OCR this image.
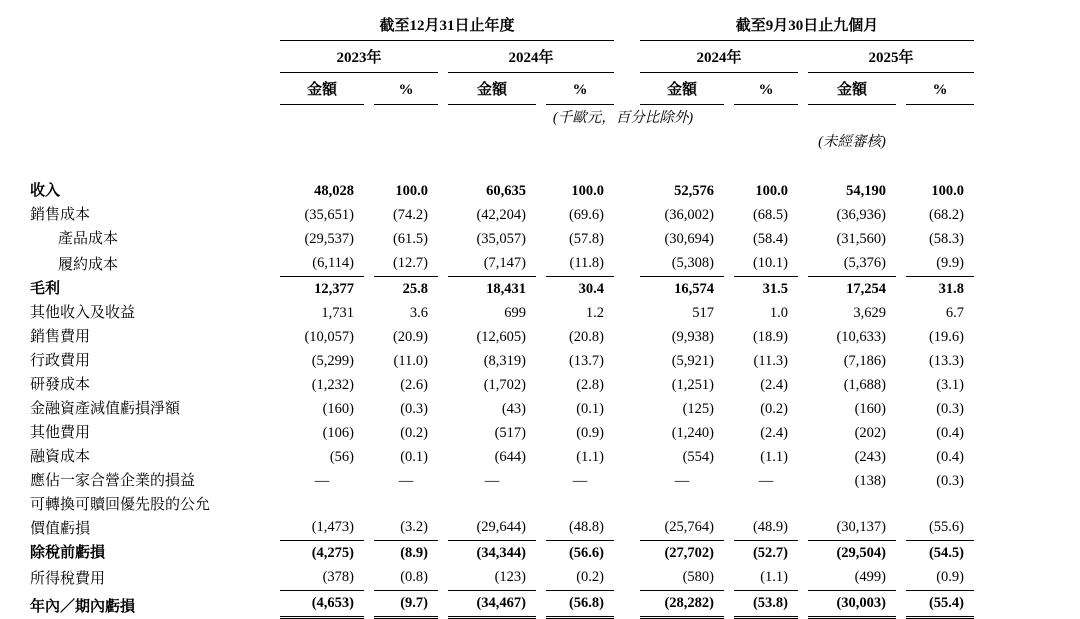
截至12月31日止年度	截至9月30日止九個月
2023年	2024年	2024年	2025年
金額	%	金額	%	金額	%	金額	%
(千歐元，百分比除外)
(未經審核)
收入	48,028	100.0	60,635	100.0	52,576	100.0	54,190	100.0
銷售成本	(35,651)	(74.2)	(42,204)	(69.6)	(36,002)	(68.5)	(36,936)	(68.2)
產品成本	(29,537)	(61.5)	(35,057)	(57.8)	(30,694)	(58.4)	(31,560)	(58.3)
履約成本	(6,114)	(12.7)	(7,147)	(11.8)	(5,308)	(10.1)	(5,376)	(9.9)
毛利	12,377	25.8	18,431	30.4	16,574	31.5	17,254	31.8
其他收入及收益	1,731	3.6	699	1.2	517	1.0	3,629	6.7
銷售費用	(10,057)	(20.9)	(12,605)	(20.8)	(9,938)	(18.9)	(10,633)	(19.6)
行政費用	(5,299)	(11.0)	(8,319)	(13.7)	(5,921)	(11.3)	(7,186)	(13.3)
研發成本	(1,232)	(2.6)	(1,702)	(2.8)	(1,251)	(2.4)	(1,688)	(3.1)
金融資產減值虧損淨額	(160)	(0.3)	(43)	(0.1)	(125)	(0.2)	(160)	(0.3)
其他費用	(106)	(0.2)	(517)	(0.9)	(1,240)	(2.4)	(202)	(0.4)
融資成本	(56)	(0.1)	(644)	(1.1)	(554)	(1.1)	(243)	(0.4)
應佔一家合營企業的損益	—	—	—	—	—	—	(138)	(0.3)
可轉換可贖回優先股的公允
價值虧損	(1,473)	(3.2)	(29,644)	(48.8)	(25,764)	(48.9)	(30,137)	(55.6)
除稅前虧損	(4,275)	(8.9)	(34,344)	(56.6)	(27,702)	(52.7)	(29,504)	(54.5)
所得稅費用	(378)	(0.8)	(123)	(0.2)	(580)	(1.1)	(499)	(0.9)
年內／期內虧損	(4,653)	(9.7)	(34,467)	(56.8)	(28,282)	(53.8)	(30,003)	(55.4)
